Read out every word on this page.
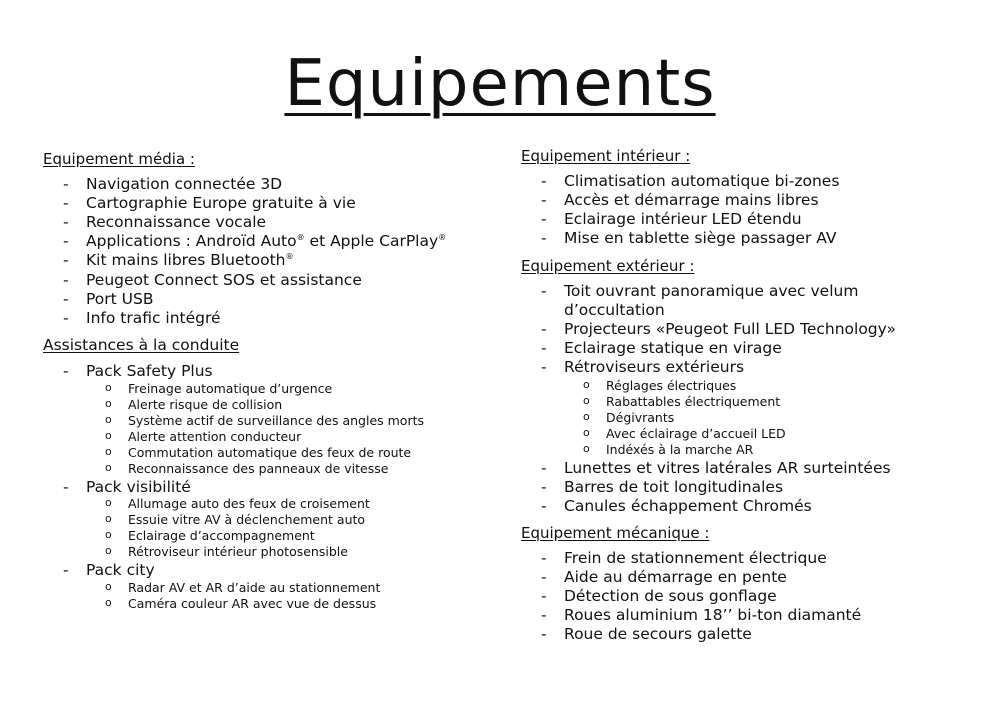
Equipements
Equipement média :
- Navigation connectée 3D
- Cartographie Europe gratuite à vie
- Reconnaissance vocale
- Applications : Androïd Auto® et Apple CarPlay®
- Kit mains libres Bluetooth®
- Peugeot Connect SOS et assistance
- Port USB
- Info trafic intégré
Assistances à la conduite
- Pack Safety Plus
o Freinage automatique d’urgence
o Alerte risque de collision
o Système actif de surveillance des angles morts
o Alerte attention conducteur
o Commutation automatique des feux de route
o Reconnaissance des panneaux de vitesse
- Pack visibilité
o Allumage auto des feux de croisement
o Essuie vitre AV à déclenchement auto
o Eclairage d’accompagnement
o Rétroviseur intérieur photosensible
- Pack city
o Radar AV et AR d’aide au stationnement
o Caméra couleur AR avec vue de dessus
Equipement intérieur :
- Climatisation automatique bi-zones
- Accès et démarrage mains libres
- Eclairage intérieur LED étendu
- Mise en tablette siège passager AV
Equipement extérieur :
- Toit ouvrant panoramique avec velum
d’occultation
- Projecteurs «Peugeot Full LED Technology»
- Eclairage statique en virage
- Rétroviseurs extérieurs
o Réglages électriques
o Rabattables électriquement
o Dégivrants
o Avec éclairage d’accueil LED
o Indéxés à la marche AR
- Lunettes et vitres latérales AR surteintées
- Barres de toit longitudinales
- Canules échappement Chromés
Equipement mécanique :
- Frein de stationnement électrique
- Aide au démarrage en pente
- Détection de sous gonflage
- Roues aluminium 18’’ bi-ton diamanté
- Roue de secours galette
